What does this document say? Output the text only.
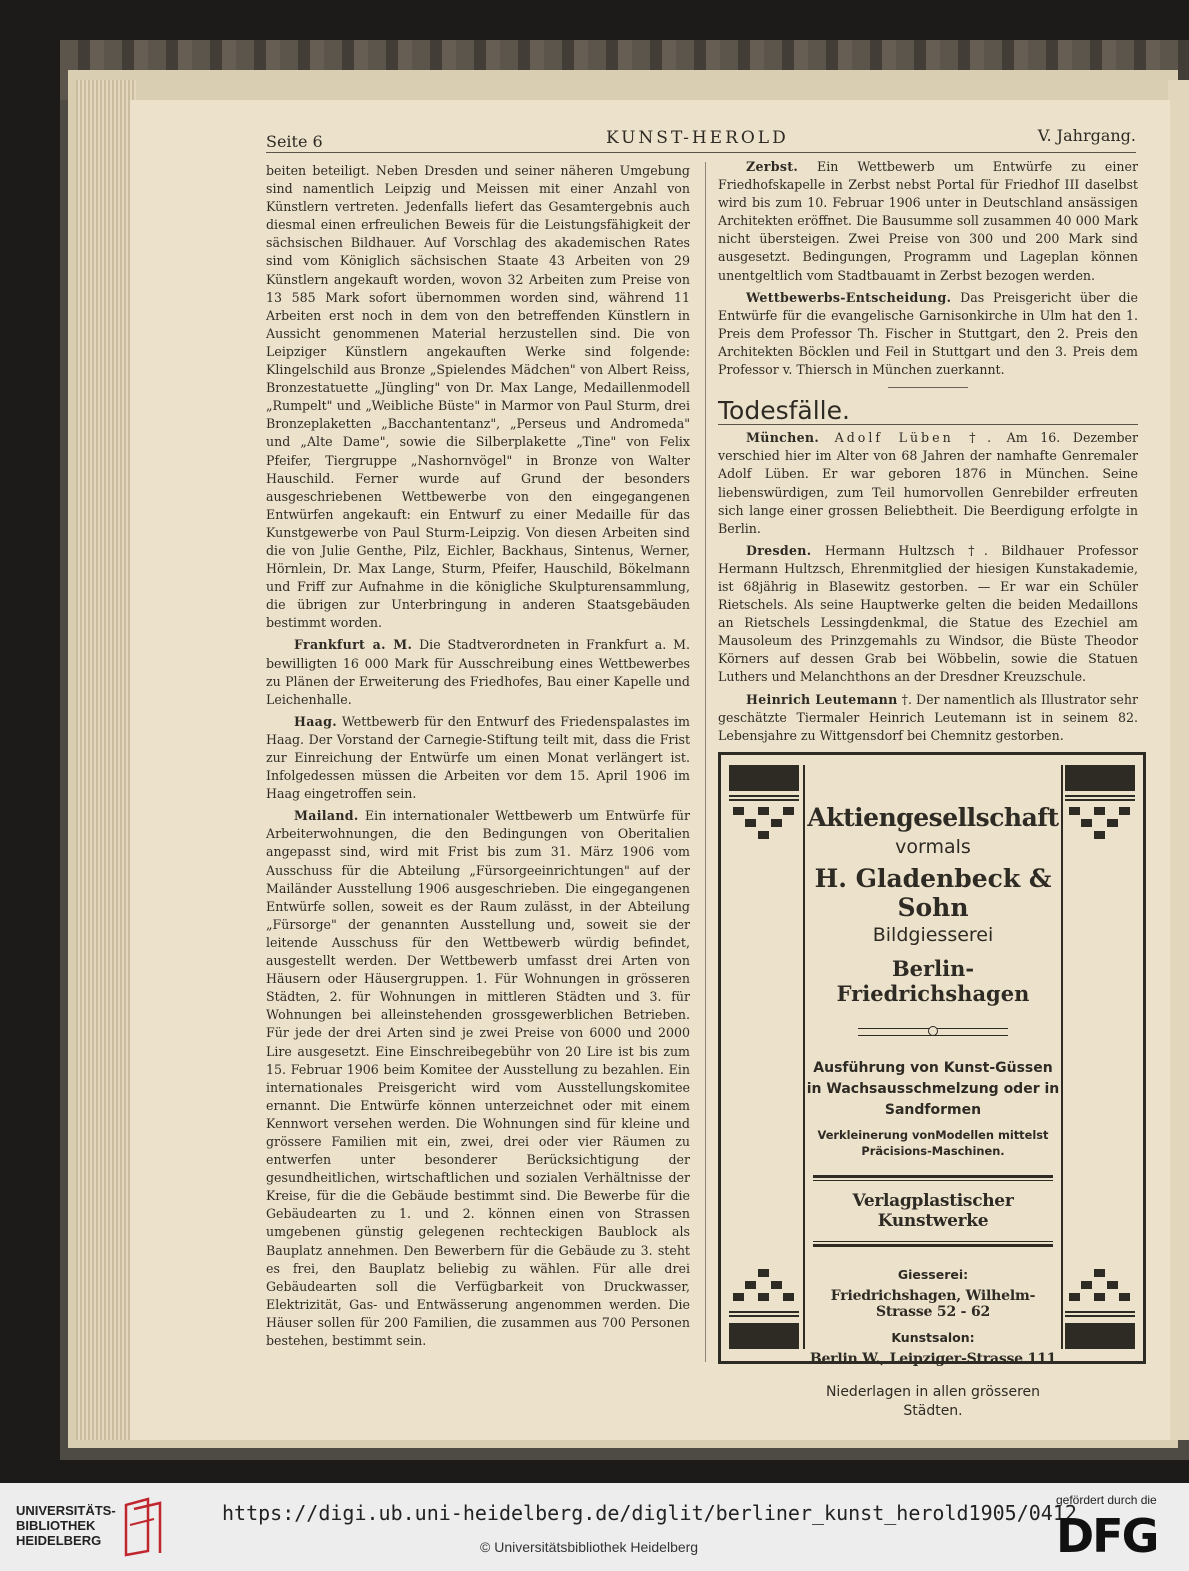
Seite 6	KUNST-HEROLD	V. Jahrgang.

beiten beteiligt. Neben Dresden und seiner näheren Umgebung sind namentlich Leipzig und Meissen mit einer Anzahl von Künstlern vertreten. Jedenfalls liefert das Gesamtergebnis auch diesmal einen erfreulichen Beweis für die Leistungsfähigkeit der sächsischen Bildhauer. Auf Vorschlag des akademischen Rates sind vom Königlich sächsischen Staate 43 Arbeiten von 29 Künstlern angekauft worden, wovon 32 Arbeiten zum Preise von 13 585 Mark sofort übernommen worden sind, während 11 Arbeiten erst noch in dem von den betreffenden Künstlern in Aussicht genommenen Material herzustellen sind. Die von Leipziger Künstlern angekauften Werke sind folgende: Klingelschild aus Bronze „Spielendes Mädchen" von Albert Reiss, Bronzestatuette „Jüngling" von Dr. Max Lange, Medaillenmodell „Rumpelt" und „Weibliche Büste" in Marmor von Paul Sturm, drei Bronzeplaketten „Bacchantentanz", „Perseus und Andromeda" und „Alte Dame", sowie die Silberplakette „Tine" von Felix Pfeifer, Tiergruppe „Nashornvögel" in Bronze von Walter Hauschild. Ferner wurde auf Grund der besonders ausgeschriebenen Wettbewerbe von den eingegangenen Entwürfen angekauft: ein Entwurf zu einer Medaille für das Kunstgewerbe von Paul Sturm-Leipzig. Von diesen Arbeiten sind die von Julie Genthe, Pilz, Eichler, Backhaus, Sintenus, Werner, Hörnlein, Dr. Max Lange, Sturm, Pfeifer, Hauschild, Bökelmann und Friff zur Aufnahme in die königliche Skulpturensammlung, die übrigen zur Unterbringung in anderen Staatsgebäuden bestimmt worden.

Frankfurt a. M. Die Stadtverordneten in Frankfurt a. M. bewilligten 16 000 Mark für Ausschreibung eines Wettbewerbes zu Plänen der Erweiterung des Friedhofes, Bau einer Kapelle und Leichenhalle.

Haag. Wettbewerb für den Entwurf des Friedenspalastes im Haag. Der Vorstand der Carnegie-Stiftung teilt mit, dass die Frist zur Einreichung der Entwürfe um einen Monat verlängert ist. Infolgedessen müssen die Arbeiten vor dem 15. April 1906 im Haag eingetroffen sein.

Mailand. Ein internationaler Wettbewerb um Entwürfe für Arbeiterwohnungen, die den Bedingungen von Oberitalien angepasst sind, wird mit Frist bis zum 31. März 1906 vom Ausschuss für die Abteilung „Fürsorgeeinrichtungen" auf der Mailänder Ausstellung 1906 ausgeschrieben. Die eingegangenen Entwürfe sollen, soweit es der Raum zulässt, in der Abteilung „Fürsorge" der genannten Ausstellung und, soweit sie der leitende Ausschuss für den Wettbewerb würdig befindet, ausgestellt werden. Der Wettbewerb umfasst drei Arten von Häusern oder Häusergruppen. 1. Für Wohnungen in grösseren Städten, 2. für Wohnungen in mittleren Städten und 3. für Wohnungen bei alleinstehenden grossgewerblichen Betrieben. Für jede der drei Arten sind je zwei Preise von 6000 und 2000 Lire ausgesetzt. Eine Einschreibegebühr von 20 Lire ist bis zum 15. Februar 1906 beim Komitee der Ausstellung zu bezahlen. Ein internationales Preisgericht wird vom Ausstellungskomitee ernannt. Die Entwürfe können unterzeichnet oder mit einem Kennwort versehen werden. Die Wohnungen sind für kleine und grössere Familien mit ein, zwei, drei oder vier Räumen zu entwerfen unter besonderer Berücksichtigung der gesundheitlichen, wirtschaftlichen und sozialen Verhältnisse der Kreise, für die die Gebäude bestimmt sind. Die Bewerbe für die Gebäudearten zu 1. und 2. können einen von Strassen umgebenen günstig gelegenen rechteckigen Baublock als Bauplatz annehmen. Den Bewerbern für die Gebäude zu 3. steht es frei, den Bauplatz beliebig zu wählen. Für alle drei Gebäudearten soll die Verfügbarkeit von Druckwasser, Elektrizität, Gas- und Entwässerung angenommen werden. Die Häuser sollen für 200 Familien, die zusammen aus 700 Personen bestehen, bestimmt sein.

Zerbst. Ein Wettbewerb um Entwürfe zu einer Friedhofskapelle in Zerbst nebst Portal für Friedhof III daselbst wird bis zum 10. Februar 1906 unter in Deutschland ansässigen Architekten eröffnet. Die Bausumme soll zusammen 40 000 Mark nicht übersteigen. Zwei Preise von 300 und 200 Mark sind ausgesetzt. Bedingungen, Programm und Lageplan können unentgeltlich vom Stadtbauamt in Zerbst bezogen werden.

Wettbewerbs-Entscheidung. Das Preisgericht über die Entwürfe für die evangelische Garnisonkirche in Ulm hat den 1. Preis dem Professor Th. Fischer in Stuttgart, den 2. Preis den Architekten Böcklen und Feil in Stuttgart und den 3. Preis dem Professor v. Thiersch in München zuerkannt.

Todesfälle.

München. Adolf Lüben †. Am 16. Dezember verschied hier im Alter von 68 Jahren der namhafte Genremaler Adolf Lüben. Er war geboren 1876 in München. Seine liebenswürdigen, zum Teil humorvollen Genrebilder erfreuten sich lange einer grossen Beliebtheit. Die Beerdigung erfolgte in Berlin.

Dresden. Hermann Hultzsch †. Bildhauer Professor Hermann Hultzsch, Ehrenmitglied der hiesigen Kunstakademie, ist 68jährig in Blasewitz gestorben. — Er war ein Schüler Rietschels. Als seine Hauptwerke gelten die beiden Medaillons an Rietschels Lessingdenkmal, die Statue des Ezechiel am Mausoleum des Prinzgemahls zu Windsor, die Büste Theodor Körners auf dessen Grab bei Wöbbelin, sowie die Statuen Luthers und Melanchthons an der Dresdner Kreuzschule.

Heinrich Leutemann †. Der namentlich als Illustrator sehr geschätzte Tiermaler Heinrich Leutemann ist in seinem 82. Lebensjahre zu Wittgensdorf bei Chemnitz gestorben.

Aktiengesellschaft
vormals
H. Gladenbeck & Sohn
Bildgiesserei
Berlin-Friedrichshagen
Ausführung von Kunst-Güssen in Wachsausschmelzung oder in Sandformen
Verkleinerung vonModellen mittelst Präcisions-Maschinen.
Verlagplastischer Kunstwerke
Giesserei:
Friedrichshagen, Wilhelm-Strasse 52 - 62
Kunstsalon:
Berlin W., Leipziger-Strasse 111
Niederlagen in allen grösseren Städten.
UNIVERSITÄTS-
BIBLIOTHEK
HEIDELBERG
https://digi.ub.uni-heidelberg.de/diglit/berliner_kunst_herold1905/0412
© Universitätsbibliothek Heidelberg
gefördert durch die
DFG
